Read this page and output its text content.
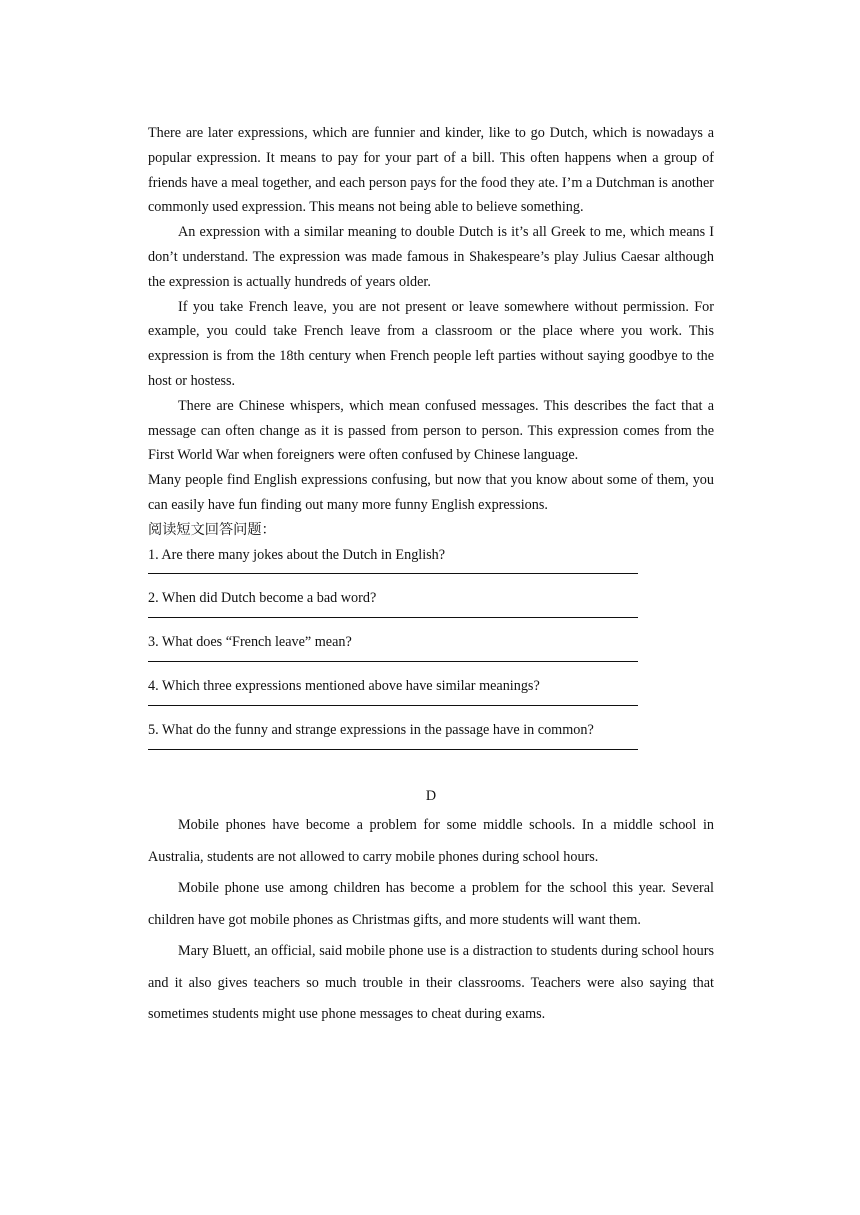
There are later expressions, which are funnier and kinder, like to go Dutch, which is nowadays a popular expression. It means to pay for your part of a bill. This often happens when a group of friends have a meal together, and each person pays for the food they ate. I’m a Dutchman is another commonly used expression. This means not being able to believe something.

An expression with a similar meaning to double Dutch is it’s all Greek to me, which means I don’t understand. The expression was made famous in Shakespeare’s play Julius Caesar although the expression is actually hundreds of years older.

If you take French leave, you are not present or leave somewhere without permission. For example, you could take French leave from a classroom or the place where you work. This expression is from the 18th century when French people left parties without saying goodbye to the host or hostess.

There are Chinese whispers, which mean confused messages. This describes the fact that a message can often change as it is passed from person to person. This expression comes from the First World War when foreigners were often confused by Chinese language.

Many people find English expressions confusing, but now that you know about some of them, you can easily have fun finding out many more funny English expressions.

阅读短文回答问题：

1. Are there many jokes about the Dutch in English?

2. When did Dutch become a bad word?

3. What does “French leave” mean?

4. Which three expressions mentioned above have similar meanings?

5. What do the funny and strange expressions in the passage have in common?

D

Mobile phones have become a problem for some middle schools. In a middle school in Australia, students are not allowed to carry mobile phones during school hours.

Mobile phone use among children has become a problem for the school this year. Several children have got mobile phones as Christmas gifts, and more students will want them.

Mary Bluett, an official, said mobile phone use is a distraction to students during school hours and it also gives teachers so much trouble in their classrooms. Teachers were also saying that sometimes students might use phone messages to cheat during exams.
